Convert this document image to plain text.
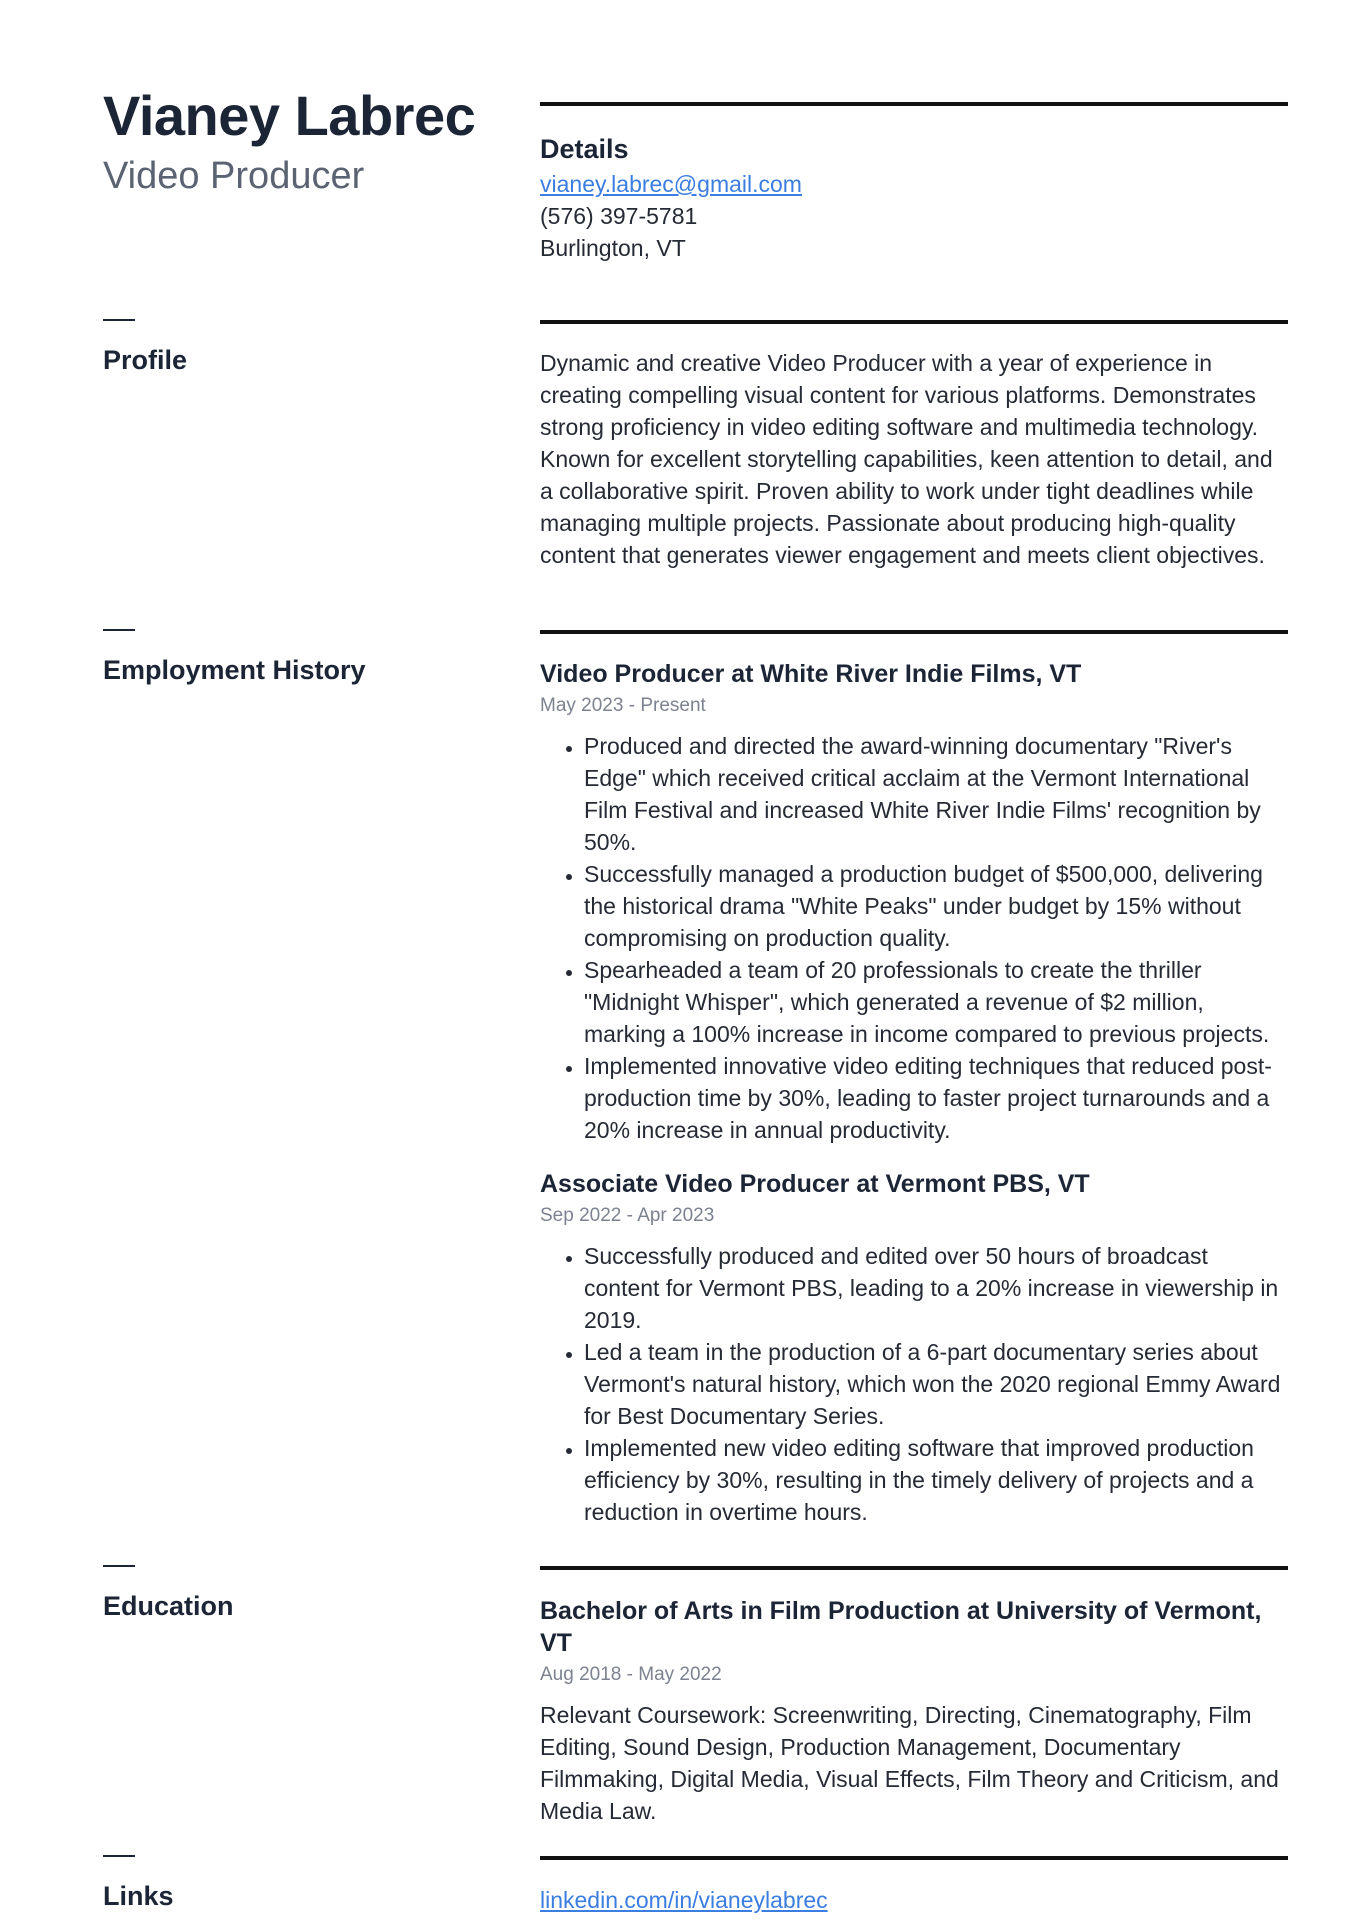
Vianey Labrec
Video Producer
Details
vianey.labrec@gmail.com
(576) 397-5781
Burlington, VT
Profile	Dynamic and creative Video Producer with a year of experience in creating compelling visual content for various platforms. Demonstrates strong proficiency in video editing software and multimedia technology. Known for excellent storytelling capabilities, keen attention to detail, and a collaborative spirit. Proven ability to work under tight deadlines while managing multiple projects. Passionate about producing high-quality content that generates viewer engagement and meets client objectives.

Employment History	Video Producer at White River Indie Films, VT
May 2023 - Present
• Produced and directed the award-winning documentary "River's Edge" which received critical acclaim at the Vermont International Film Festival and increased White River Indie Films' recognition by 50%.
• Successfully managed a production budget of $500,000, delivering the historical drama "White Peaks" under budget by 15% without compromising on production quality.
• Spearheaded a team of 20 professionals to create the thriller "Midnight Whisper", which generated a revenue of $2 million, marking a 100% increase in income compared to previous projects.
• Implemented innovative video editing techniques that reduced post-production time by 30%, leading to faster project turnarounds and a 20% increase in annual productivity.
Associate Video Producer at Vermont PBS, VT
Sep 2022 - Apr 2023
• Successfully produced and edited over 50 hours of broadcast content for Vermont PBS, leading to a 20% increase in viewership in 2019.
• Led a team in the production of a 6-part documentary series about Vermont's natural history, which won the 2020 regional Emmy Award for Best Documentary Series.
• Implemented new video editing software that improved production efficiency by 30%, resulting in the timely delivery of projects and a reduction in overtime hours.
Education	Bachelor of Arts in Film Production at University of Vermont, VT
Aug 2018 - May 2022

Relevant Coursework: Screenwriting, Directing, Cinematography, Film Editing, Sound Design, Production Management, Documentary Filmmaking, Digital Media, Visual Effects, Film Theory and Criticism, and Media Law.

Links	linkedin.com/in/vianeylabrec
